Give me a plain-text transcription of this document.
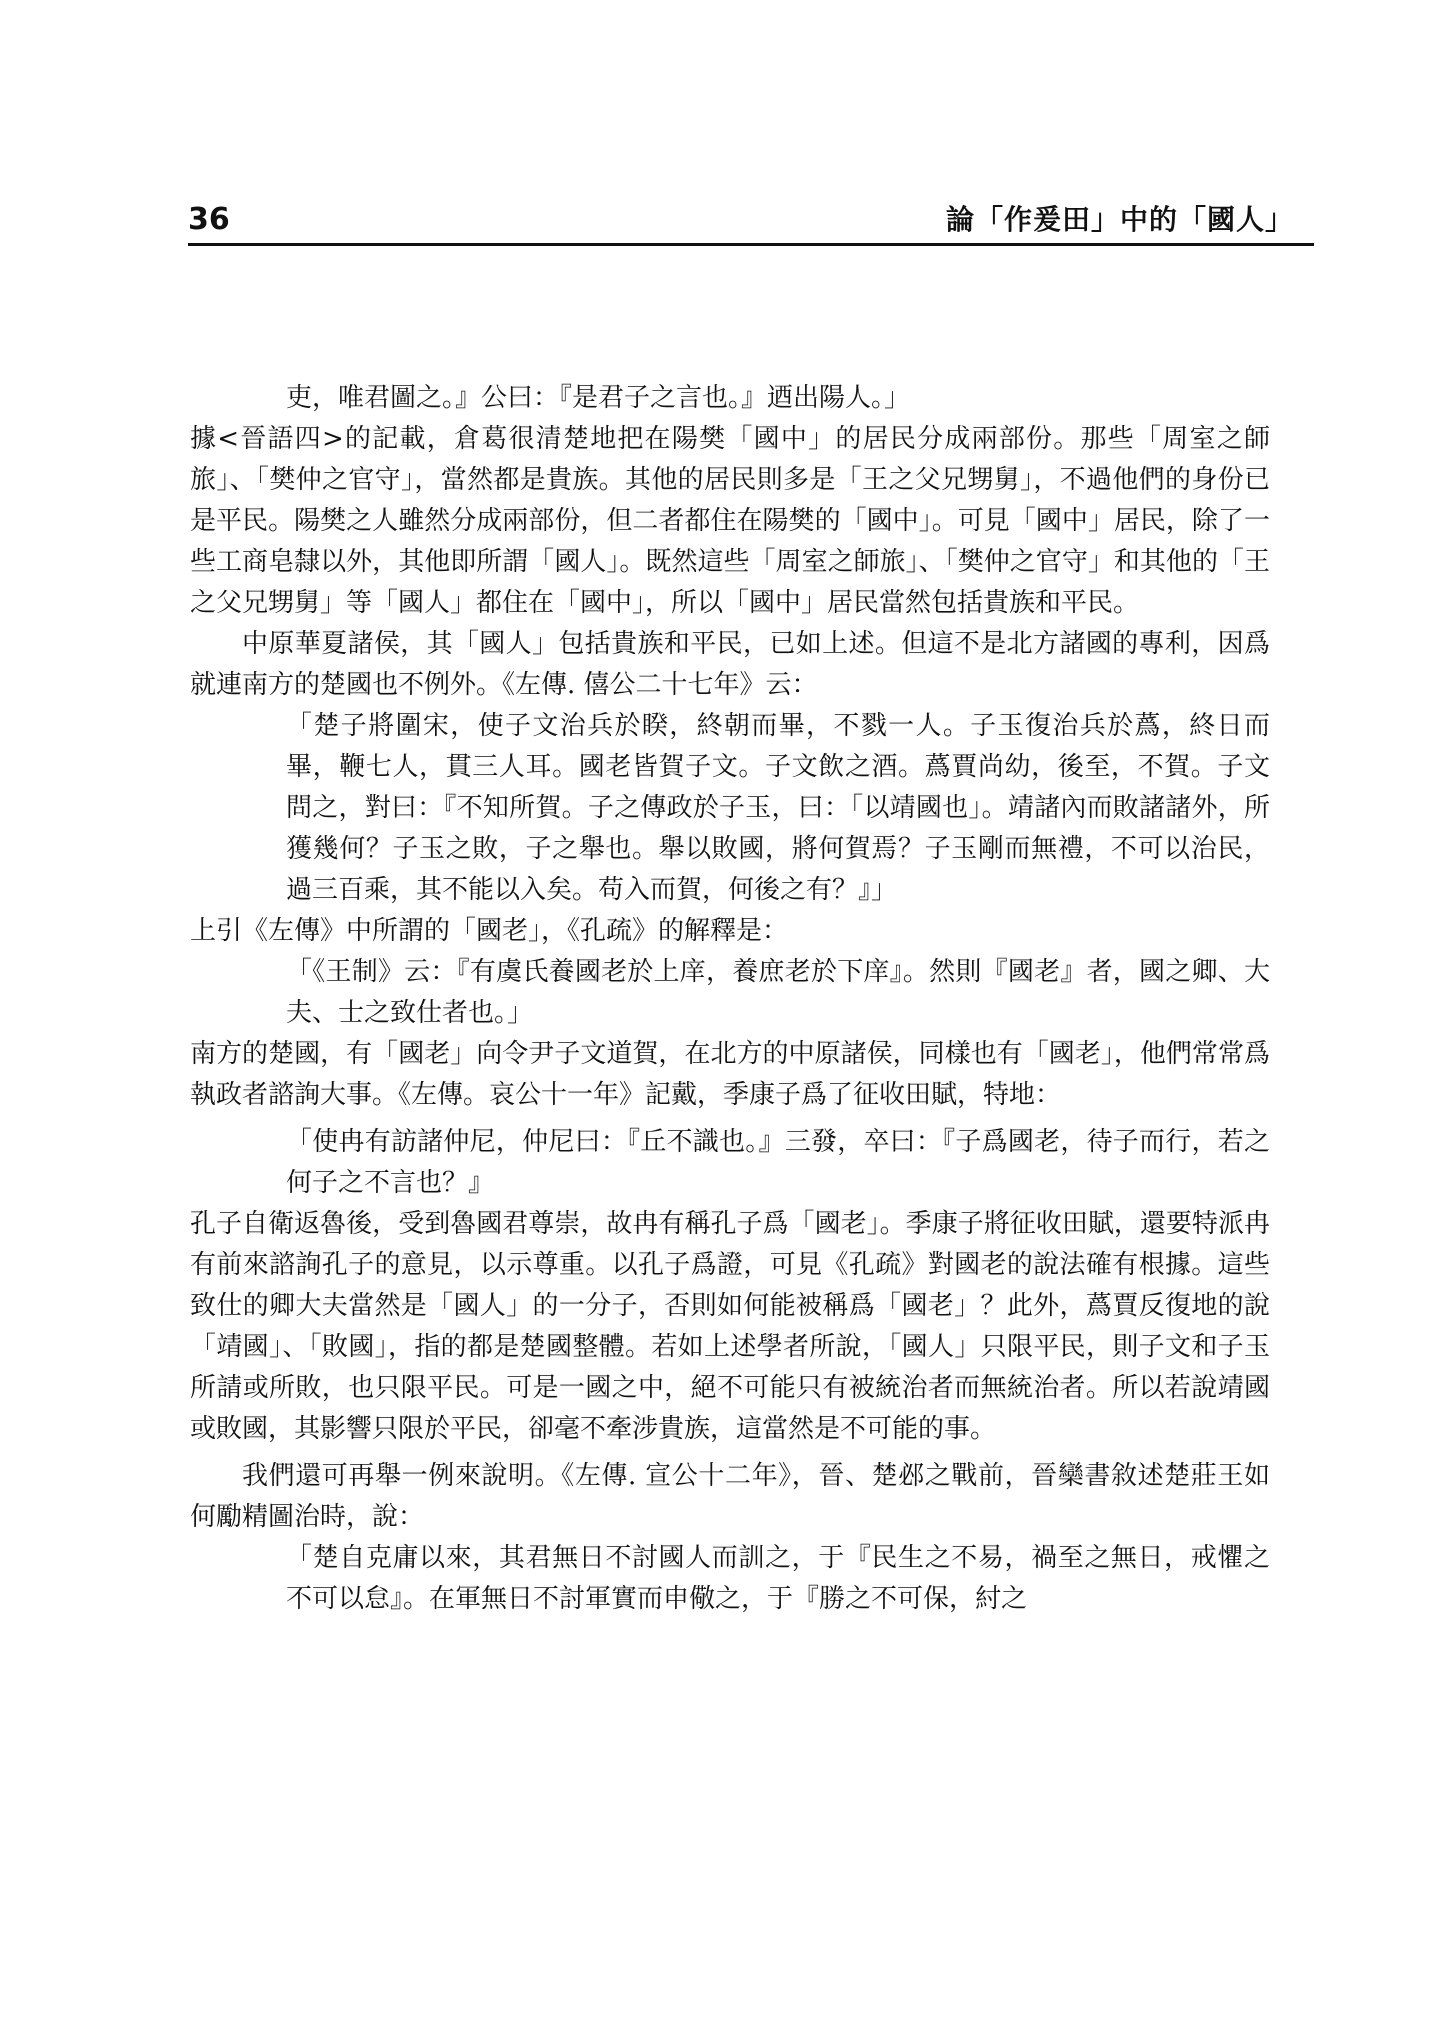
36	論「作爰田」中的「國人」

吏，唯君圖之。』公曰：『是君子之言也。』迺出陽人。」

據<晉語四>的記載，倉葛很清楚地把在陽樊「國中」的居民分成兩部份。那些「周室之師旅」、「樊仲之官守」，當然都是貴族。其他的居民則多是「王之父兄甥舅」，不過他們的身份已是平民。陽樊之人雖然分成兩部份，但二者都住在陽樊的「國中」。可見「國中」居民，除了一些工商皂隸以外，其他即所謂「國人」。既然這些「周室之師旅」、「樊仲之官守」和其他的「王之父兄甥舅」等「國人」都住在「國中」，所以「國中」居民當然包括貴族和平民。

中原華夏諸侯，其「國人」包括貴族和平民，已如上述。但這不是北方諸國的專利，因爲就連南方的楚國也不例外。《左傳. 僖公二十七年》云：

「楚子將圍宋，使子文治兵於睽，終朝而畢，不戮一人。子玉復治兵於蔿，終日而畢，鞭七人，貫三人耳。國老皆賀子文。子文飲之酒。蔿賈尚幼，後至，不賀。子文問之，對曰：『不知所賀。子之傳政於子玉，曰：「以靖國也」。靖諸內而敗諸諸外，所獲幾何？子玉之敗，子之舉也。舉以敗國，將何賀焉？子玉剛而無禮，不可以治民，過三百乘，其不能以入矣。苟入而賀，何後之有？』」

上引《左傳》中所謂的「國老」，《孔疏》的解釋是：

「《王制》云：『有虞氏養國老於上庠，養庶老於下庠』。然則『國老』者，國之卿、大夫、士之致仕者也。」

南方的楚國，有「國老」向令尹子文道賀，在北方的中原諸侯，同樣也有「國老」，他們常常爲執政者諮詢大事。《左傳。哀公十一年》記戴，季康子爲了征收田賦，特地：

「使冉有訪諸仲尼，仲尼曰：『丘不識也。』三發，卒曰：『子爲國老，待子而行，若之何子之不言也？』

孔子自衛返魯後，受到魯國君尊崇，故冉有稱孔子爲「國老」。季康子將征收田賦，還要特派冉有前來諮詢孔子的意見，以示尊重。以孔子爲證，可見《孔疏》對國老的說法確有根據。這些致仕的卿大夫當然是「國人」的一分子，否則如何能被稱爲「國老」？此外，蔿賈反復地的說「靖國」、「敗國」，指的都是楚國整體。若如上述學者所說，「國人」只限平民，則子文和子玉所請或所敗，也只限平民。可是一國之中，絕不可能只有被統治者而無統治者。所以若說靖國或敗國，其影響只限於平民，卻毫不牽涉貴族，這當然是不可能的事。

我們還可再舉一例來說明。《左傳. 宣公十二年》，晉、楚邲之戰前，晉欒書敘述楚莊王如何勵精圖治時，說：

「楚自克庸以來，其君無日不討國人而訓之，于『民生之不易，禍至之無日，戒懼之不可以怠』。在軍無日不討軍實而申儆之，于『勝之不可保，紂之
